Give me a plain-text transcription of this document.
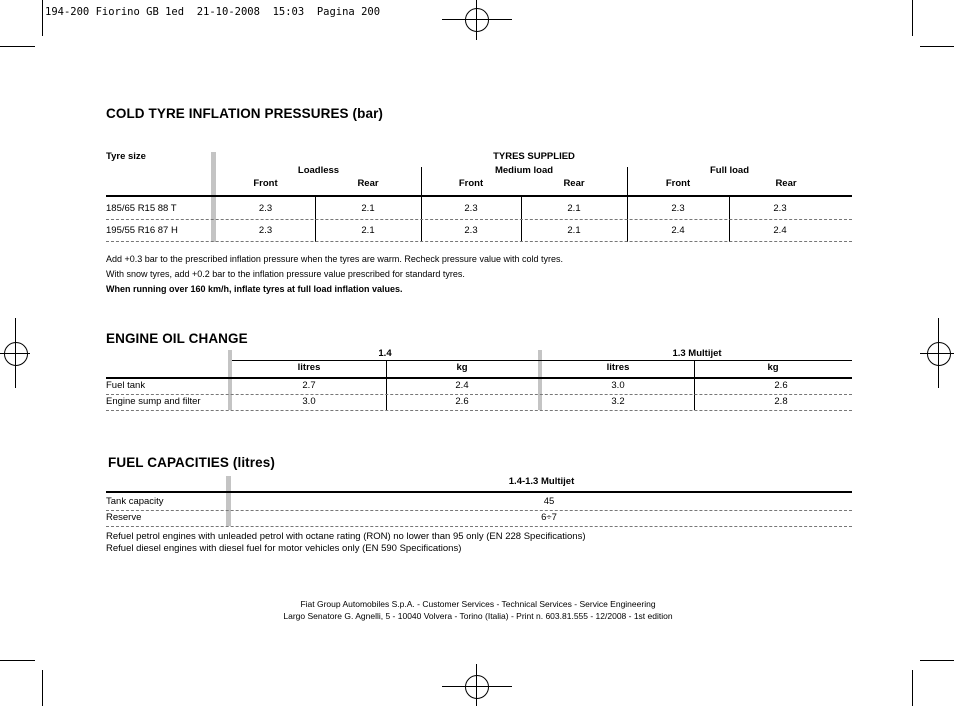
194-200 Fiorino GB 1ed  21-10-2008  15:03  Pagina 200
COLD TYRE INFLATION PRESSURES (bar)
Tyre size	TYRES SUPPLIED
Loadless	Medium load	Full load
Front	Rear	Front	Rear	Front	Rear
185/65 R15 88 T	2.3	2.1	2.3	2.1	2.3	2.3
195/55 R16 87 H	2.3	2.1	2.3	2.1	2.4	2.4
Add +0.3 bar to the prescribed inflation pressure when the tyres are warm. Recheck pressure value with cold tyres.
With snow tyres, add +0.2 bar to the inflation pressure value prescribed for standard tyres.
When running over 160 km/h, inflate tyres at full load inflation values.
ENGINE OIL CHANGE
1.4	1.3 Multijet
litres	kg	litres	kg
Fuel tank	2.7	2.4	3.0	2.6
Engine sump and filter	3.0	2.6	3.2	2.8
FUEL CAPACITIES (litres)
1.4-1.3 Multijet
Tank capacity	45
Reserve	6÷7
Refuel petrol engines with unleaded petrol with octane rating (RON) no lower than 95 only (EN 228 Specifications)
Refuel diesel engines with diesel fuel for motor vehicles only (EN 590 Specifications)
Fiat Group Automobiles S.p.A. - Customer Services - Technical Services - Service Engineering
Largo Senatore G. Agnelli, 5 - 10040 Volvera - Torino (Italia) - Print n. 603.81.555 - 12/2008 - 1st edition
